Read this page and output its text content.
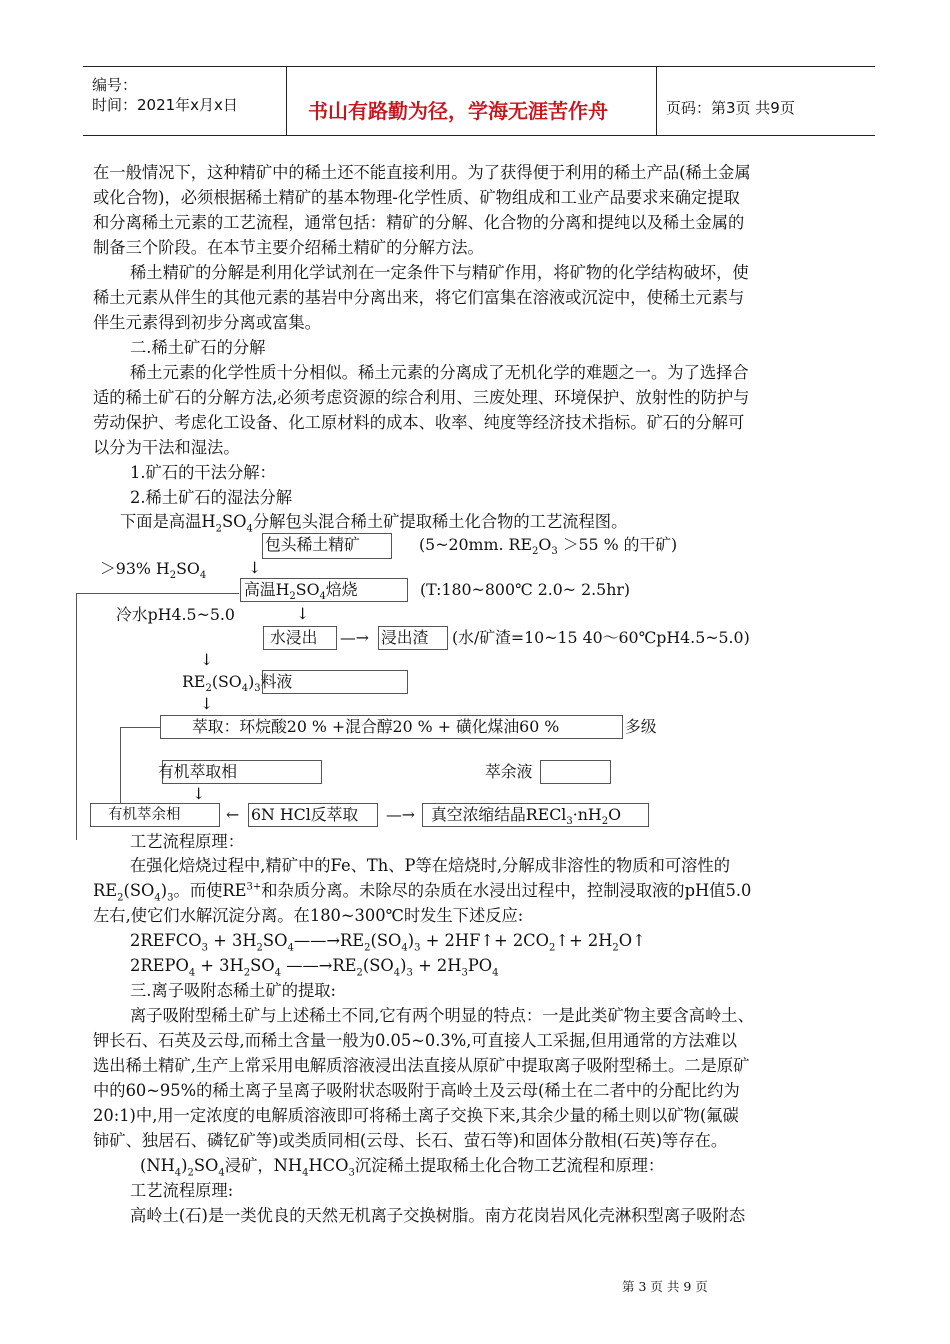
编号：
时间：2021年x月x日	书山有路勤为径，学海无涯苦作舟	页码：第3页 共9页
在一般情况下，这种精矿中的稀土还不能直接利用。为了获得便于利用的稀土产品(稀土金属
或化合物)，必须根据稀土精矿的基本物理-化学性质、矿物组成和工业产品要求来确定提取
和分离稀土元素的工艺流程，通常包括：精矿的分解、化合物的分离和提纯以及稀土金属的
制备三个阶段。在本节主要介绍稀土精矿的分解方法。
稀土精矿的分解是利用化学试剂在一定条件下与精矿作用，将矿物的化学结构破坏，使
稀土元素从伴生的其他元素的基岩中分离出来，将它们富集在溶液或沉淀中，使稀土元素与
伴生元素得到初步分离或富集。
二.稀土矿石的分解
稀土元素的化学性质十分相似。稀土元素的分离成了无机化学的难题之一。为了选择合
适的稀土矿石的分解方法,必须考虑资源的综合利用、三废处理、环境保护、放射性的防护与
劳动保护、考虑化工设备、化工原材料的成本、收率、纯度等经济技术指标。矿石的分解可
以分为干法和湿法。
1.矿石的干法分解：
2.稀土矿石的湿法分解
下面是高温$H_2SO_4$分解包头混合稀土矿提取稀土化合物的工艺流程图。
包头稀土精矿	(5~20mm. $RE_2O_3 >55$ % 的干矿)
＞93% $H_2SO_4$	↓
高温$H_2SO_4$焙烧	(T:180~800℃ 2.0~ 2.5hr)
冷水pH4.5~5.0	↓
水浸出 —→ 浸出渣 (水/矿渣=10~15 40～60℃pH4.5~5.0)
↓
$RE_2(SO_4)_3$料液
↓
萃取：环烷酸20 % +混合醇20 % + 磺化煤油60 %	多级
有机萃取相	萃余液
↓
有机萃余相	← 6N HCl反萃取 —→ 真空浓缩结晶$RECl_3\cdot nH_2O$
工艺流程原理：
在强化焙烧过程中,精矿中的Fe、Th、P等在焙烧时,分解成非溶性的物质和可溶性的
$RE_2(SO_4)_3$。而使$RE^{3+}$和杂质分离。未除尽的杂质在水浸出过程中，控制浸取液的pH值5.0
左右,使它们水解沉淀分离。在180~300℃时发生下述反应:
$2REFCO_3$ + $3H_2SO_4——\to RE_2(SO_4)_3$ + 2HF↑+ $2CO_2↑+$ $2H_2O↑$
$2REPO_4 + 3H_2SO_4$ $——\to RE_2(SO_4)_3 + 2H_3PO_4$
三.离子吸附态稀土矿的提取:
离子吸附型稀土矿与上述稀土不同,它有两个明显的特点：一是此类矿物主要含高岭土、
钾长石、石英及云母,而稀土含量一般为0.05~0.3%,可直接人工采掘,但用通常的方法难以
选出稀土精矿,生产上常采用电解质溶液浸出法直接从原矿中提取离子吸附型稀土。二是原矿
中的60~95%的稀土离子呈离子吸附状态吸附于高岭土及云母(稀土在二者中的分配比约为
20:1)中,用一定浓度的电解质溶液即可将稀土离子交换下来,其余少量的稀土则以矿物(氟碳
铈矿、独居石、磷钇矿等)或类质同相(云母、长石、萤石等)和固体分散相(石英)等存在。
$(NH_4)_2SO_4$浸矿，$NH_4HCO_3$沉淀稀土提取稀土化合物工艺流程和原理：
工艺流程原理:
高岭土(石)是一类优良的天然无机离子交换树脂。南方花岗岩风化壳淋积型离子吸附态
第 3 页 共 9 页
